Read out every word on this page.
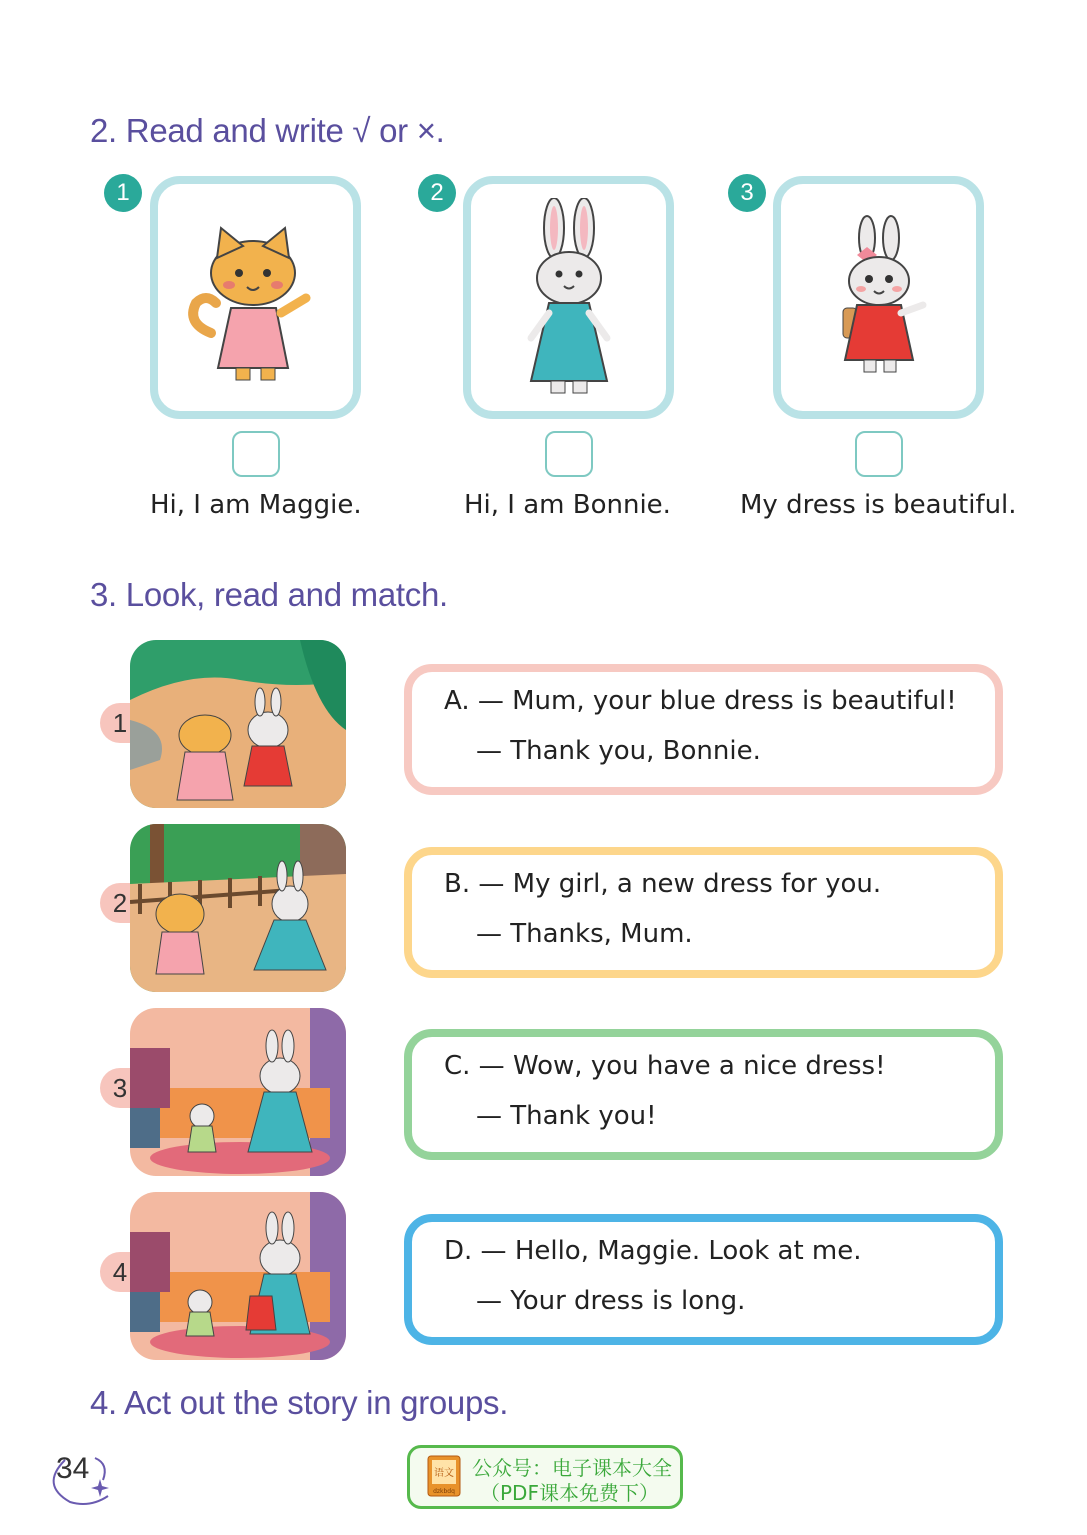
2. Read and write √ or ×.
1
Hi, I am Maggie.
2
Hi, I am Bonnie.
3
My dress is beautiful.
3. Look, read and match.
1
2
3
4
A. — Mum, your blue dress is beautiful!
— Thank you, Bonnie.
B. — My girl, a new dress for you.
— Thanks, Mum.
C. — Wow, you have a nice dress!
— Thank you!
D. — Hello, Maggie. Look at me.
— Your dress is long.
4. Act out the story in groups.
34	语文
dzkbdq
公众号：电子课本大全
（PDF课本免费下）
